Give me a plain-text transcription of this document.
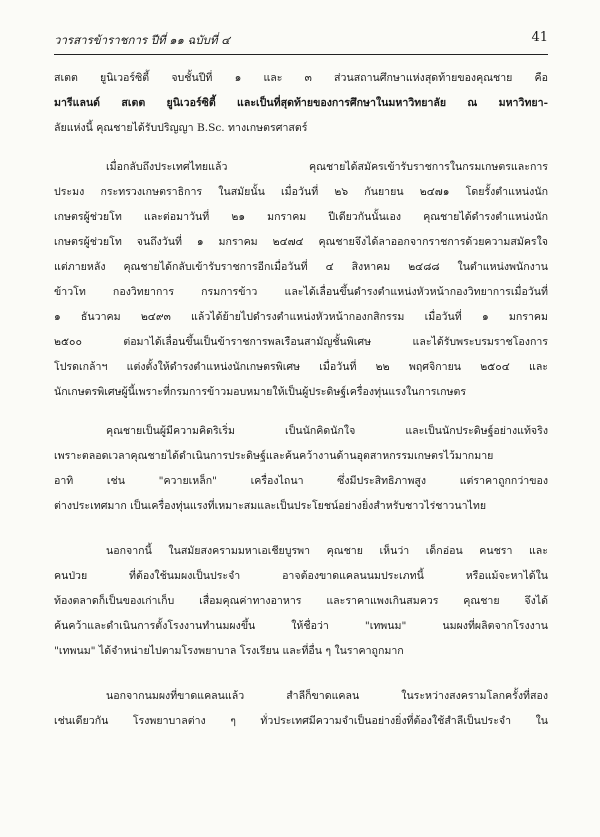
วารสารข้าราชการ ปีที่ ๑๑ ฉบับที่ ๔	41
สเตต ยูนิเวอร์ซิตี้ จบชั้นปีที่ ๑ และ ๓ ส่วนสถานศึกษาแห่งสุดท้ายของคุณชาย คือ
มารีแลนด์ สเตต ยูนิเวอร์ซิตี้ และเป็นที่สุดท้ายของการศึกษาในมหาวิทยาลัย ณ มหาวิทยา-
ลัยแห่งนี้ คุณชายได้รับปริญญา B.Sc. ทางเกษตรศาสตร์
เมื่อกลับถึงประเทศไทยแล้ว คุณชายได้สมัครเข้ารับราชการในกรมเกษตรและการ
ประมง กระทรวงเกษตราธิการ ในสมัยนั้น เมื่อวันที่ ๒๖ กันยายน ๒๔๗๑ โดยรั้งตำแหน่งนัก
เกษตรผู้ช่วยโท และต่อมาวันที่ ๒๑ มกราคม ปีเดียวกันนั้นเอง คุณชายได้ดำรงตำแหน่งนัก
เกษตรผู้ช่วยโท จนถึงวันที่ ๑ มกราคม ๒๔๗๔ คุณชายจึงได้ลาออกจากราชการด้วยความสมัครใจ
แต่ภายหลัง คุณชายได้กลับเข้ารับราชการอีกเมื่อวันที่ ๔ สิงหาคม ๒๔๘๘ ในตำแหน่งพนักงาน
ข้าวโท กองวิทยาการ กรมการข้าว และได้เลื่อนขึ้นดำรงตำแหน่งหัวหน้ากองวิทยาการเมื่อวันที่
๑ ธันวาคม ๒๔๙๓ แล้วได้ย้ายไปดำรงตำแหน่งหัวหน้ากองกสิกรรม เมื่อวันที่ ๑ มกราคม
๒๕๐๐ ต่อมาได้เลื่อนขึ้นเป็นข้าราชการพลเรือนสามัญชั้นพิเศษ และได้รับพระบรมราชโองการ
โปรดเกล้าฯ แต่งตั้งให้ดำรงตำแหน่งนักเกษตรพิเศษ เมื่อวันที่ ๒๒ พฤศจิกายน ๒๕๐๔ และ
นักเกษตรพิเศษผู้นี้เพราะที่กรมการข้าวมอบหมายให้เป็นผู้ประดิษฐ์เครื่องทุ่นแรงในการเกษตร
คุณชายเป็นผู้มีความคิดริเริ่ม เป็นนักคิดนักใจ และเป็นนักประดิษฐ์อย่างแท้จริง
เพราะตลอดเวลาคุณชายได้ดำเนินการประดิษฐ์และค้นคว้างานด้านอุตสาหกรรมเกษตรไว้มากมาย
อาทิ เช่น "ควายเหล็ก" เครื่องไถนา ซึ่งมีประสิทธิภาพสูง แต่ราคาถูกกว่าของ
ต่างประเทศมาก เป็นเครื่องทุ่นแรงที่เหมาะสมและเป็นประโยชน์อย่างยิ่งสำหรับชาวไร่ชาวนาไทย
นอกจากนี้ ในสมัยสงครามมหาเอเชียบูรพา คุณชาย เห็นว่า เด็กอ่อน คนชรา และ
คนป่วย ที่ต้องใช้นมผงเป็นประจำ อาจต้องขาดแคลนนมประเภทนี้ หรือแม้จะหาได้ใน
ท้องตลาดก็เป็นของเก่าเก็บ เสื่อมคุณค่าทางอาหาร และราคาแพงเกินสมควร คุณชาย จึงได้
ค้นคว้าและดำเนินการตั้งโรงงานทำนมผงขึ้น ให้ชื่อว่า "เทพนม" นมผงที่ผลิตจากโรงงาน
"เทพนม" ได้จำหน่ายไปตามโรงพยาบาล โรงเรียน และที่อื่น ๆ ในราคาถูกมาก
นอกจากนมผงที่ขาดแคลนแล้ว สำลีก็ขาดแคลน ในระหว่างสงครามโลกครั้งที่สอง
เช่นเดียวกัน โรงพยาบาลต่าง ๆ ทั่วประเทศมีความจำเป็นอย่างยิ่งที่ต้องใช้สำลีเป็นประจำ ใน
